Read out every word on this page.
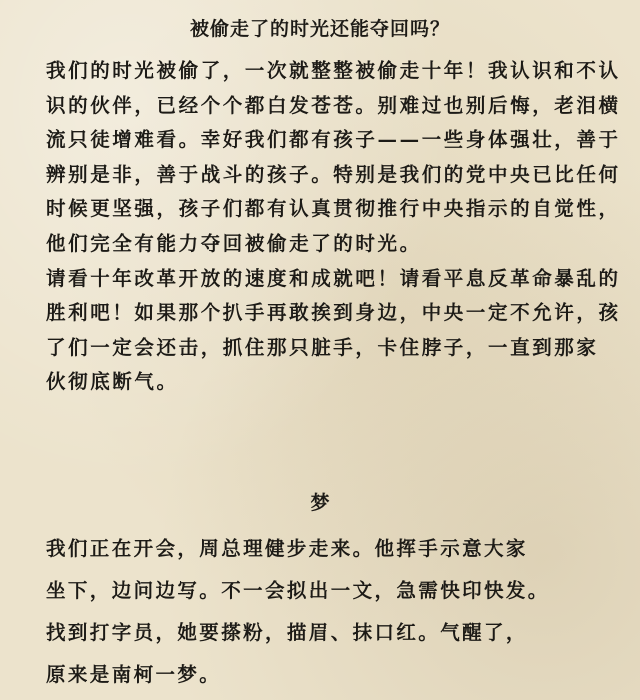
被偷走了的时光还能夺回吗？
我们的时光被偷了，一次就整整被偷走十年！我认识和不认
识的伙伴，已经个个都白发苍苍。别难过也别后悔，老泪横
流只徒增难看。幸好我们都有孩子——一些身体强壮，善于
辨别是非，善于战斗的孩子。特别是我们的党中央已比任何
时候更坚强，孩子们都有认真贯彻推行中央指示的自觉性，
他们完全有能力夺回被偷走了的时光。
请看十年改革开放的速度和成就吧！请看平息反革命暴乱的
胜利吧！如果那个扒手再敢挨到身边，中央一定不允许，孩
了们一定会还击，抓住那只脏手，卡住脖子，一直到那家
伙彻底断气。
梦
我们正在开会，周总理健步走来。他挥手示意大家
坐下，边问边写。不一会拟出一文，急需快印快发。
找到打字员，她要搽粉，描眉、抹口红。气醒了，
原来是南柯一梦。
